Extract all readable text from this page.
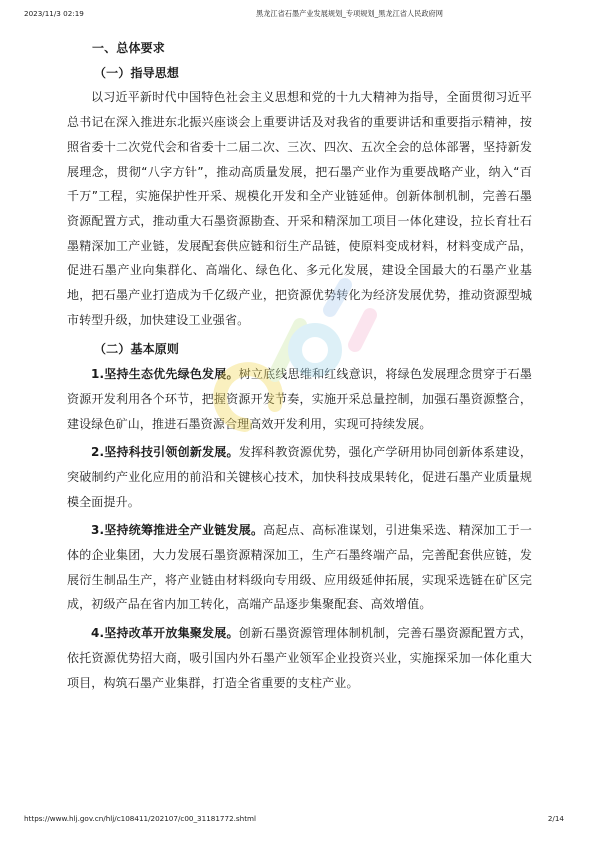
2023/11/3 02:19	黑龙江省石墨产业发展规划_专项规划_黑龙江省人民政府网
一、总体要求
（一）指导思想

以习近平新时代中国特色社会主义思想和党的十九大精神为指导，全面贯彻习近平总书记在深入推进东北振兴座谈会上重要讲话及对我省的重要讲话和重要指示精神，按照省委十二次党代会和省委十二届二次、三次、四次、五次全会的总体部署，坚持新发展理念，贯彻“八字方针”，推动高质量发展，把石墨产业作为重要战略产业，纳入“百千万”工程，实施保护性开采、规模化开发和全产业链延伸。创新体制机制，完善石墨资源配置方式，推动重大石墨资源勘查、开采和精深加工项目一体化建设，拉长育壮石墨精深加工产业链，发展配套供应链和衍生产品链，使原料变成材料，材料变成产品，促进石墨产业向集群化、高端化、绿色化、多元化发展，建设全国最大的石墨产业基地，把石墨产业打造成为千亿级产业，把资源优势转化为经济发展优势，推动资源型城市转型升级，加快建设工业强省。

（二）基本原则

1.坚持生态优先绿色发展。树立底线思维和红线意识，将绿色发展理念贯穿于石墨资源开发利用各个环节，把握资源开发节奏，实施开采总量控制，加强石墨资源整合，建设绿色矿山，推进石墨资源合理高效开发利用，实现可持续发展。

2.坚持科技引领创新发展。发挥科教资源优势，强化产学研用协同创新体系建设，突破制约产业化应用的前沿和关键核心技术，加快科技成果转化，促进石墨产业质量规模全面提升。

3.坚持统筹推进全产业链发展。高起点、高标准谋划，引进集采选、精深加工于一体的企业集团，大力发展石墨资源精深加工，生产石墨终端产品，完善配套供应链，发展衍生制品生产，将产业链由材料级向专用级、应用级延伸拓展，实现采选链在矿区完成，初级产品在省内加工转化，高端产品逐步集聚配套、高效增值。

4.坚持改革开放集聚发展。创新石墨资源管理体制机制，完善石墨资源配置方式，依托资源优势招大商，吸引国内外石墨产业领军企业投资兴业，实施探采加一体化重大项目，构筑石墨产业集群，打造全省重要的支柱产业。

https://www.hlj.gov.cn/hlj/c108411/202107/c00_31181772.shtml	2/14
